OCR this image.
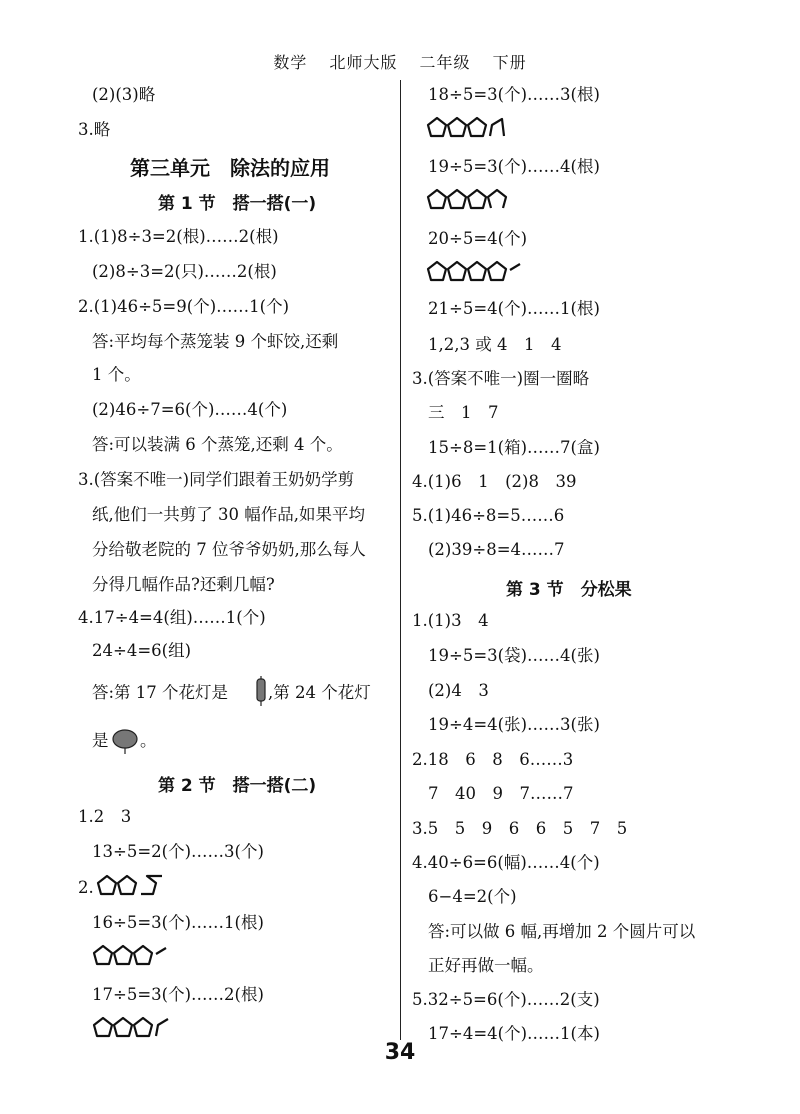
数学 北师大版 二年级 下册
(2)(3)略
3.略
第三单元　除法的应用
第 1 节　搭一搭(一)
1.(1)8÷3=2(根)……2(根)
(2)8÷3=2(只)……2(根)
2.(1)46÷5=9(个)……1(个)
答:平均每个蒸笼装 9 个虾饺,还剩
1 个。
(2)46÷7=6(个)……4(个)
答:可以装满 6 个蒸笼,还剩 4 个。
3.(答案不唯一)同学们跟着王奶奶学剪
纸,他们一共剪了 30 幅作品,如果平均
分给敬老院的 7 位爷爷奶奶,那么每人
分得几幅作品?还剩几幅?
4.17÷4=4(组)……1(个)
24÷4=6(组)
答:第 17 个花灯是 ,第 24 个花灯
是 。
第 2 节　搭一搭(二)
1.2　3
13÷5=2(个)……3(个)
2.
16÷5=3(个)……1(根)
17÷5=3(个)……2(根)
18÷5=3(个)……3(根)
19÷5=3(个)……4(根)
20÷5=4(个)
21÷5=4(个)……1(根)
1,2,3 或 4　1　4
3.(答案不唯一)圈一圈略
三　1　7
15÷8=1(箱)……7(盒)
4.(1)6　1　(2)8　39
5.(1)46÷8=5……6
(2)39÷8=4……7
第 3 节　分松果
1.(1)3　4
19÷5=3(袋)……4(张)
(2)4　3
19÷4=4(张)……3(张)
2.18　6　8　6……3
7　40　9　7……7
3.5　5　9　6　6　5　7　5
4.40÷6=6(幅)……4(个)
6−4=2(个)
答:可以做 6 幅,再增加 2 个圆片可以
正好再做一幅。
5.32÷5=6(个)……2(支)
17÷4=4(个)……1(本)
34
